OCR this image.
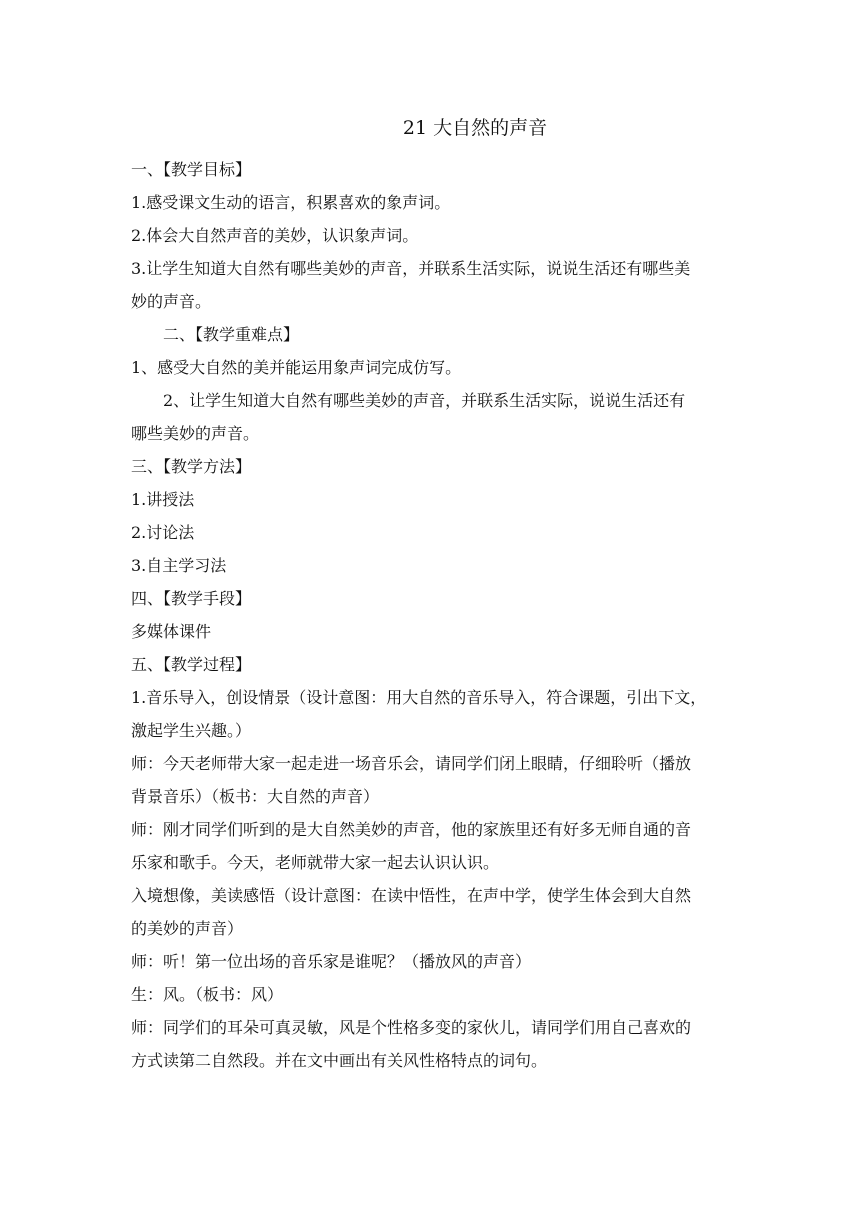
21 大自然的声音
一、【教学目标】
1.感受课文生动的语言，积累喜欢的象声词。
2.体会大自然声音的美妙，认识象声词。
3.让学生知道大自然有哪些美妙的声音，并联系生活实际，说说生活还有哪些美
妙的声音。
二、【教学重难点】
1、感受大自然的美并能运用象声词完成仿写。
2、让学生知道大自然有哪些美妙的声音，并联系生活实际，说说生活还有
哪些美妙的声音。
三、【教学方法】
1.讲授法
2.讨论法
3.自主学习法
四、【教学手段】
多媒体课件
五、【教学过程】
1.音乐导入，创设情景（设计意图：用大自然的音乐导入，符合课题，引出下文，
激起学生兴趣。）
师：今天老师带大家一起走进一场音乐会，请同学们闭上眼睛，仔细聆听（播放
背景音乐）（板书：大自然的声音）
师：刚才同学们听到的是大自然美妙的声音，他的家族里还有好多无师自通的音
乐家和歌手。今天，老师就带大家一起去认识认识。
入境想像，美读感悟（设计意图：在读中悟性，在声中学，使学生体会到大自然
的美妙的声音）
师：听！第一位出场的音乐家是谁呢？（播放风的声音）
生：风。（板书：风）
师：同学们的耳朵可真灵敏，风是个性格多变的家伙儿，请同学们用自己喜欢的
方式读第二自然段。并在文中画出有关风性格特点的词句。
